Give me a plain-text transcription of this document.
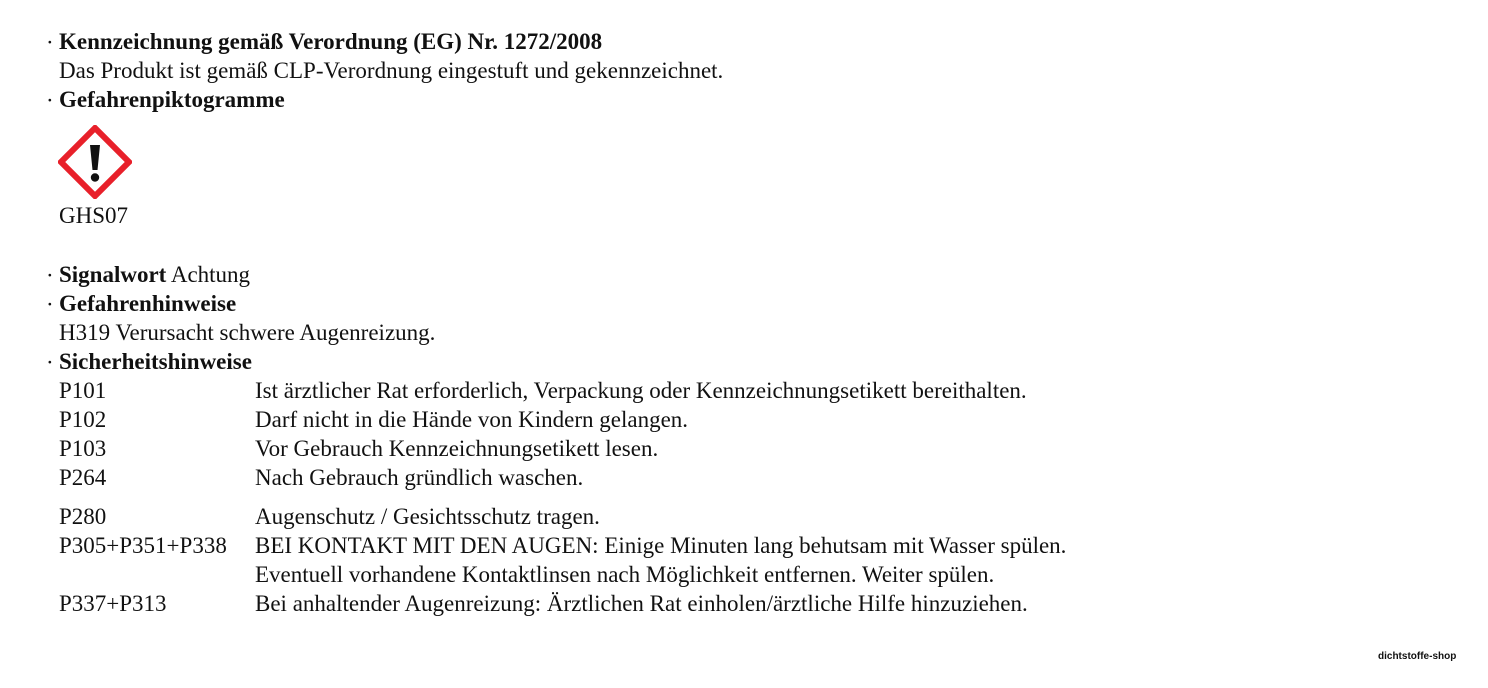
· Kennzeichnung gemäß Verordnung (EG) Nr. 1272/2008
Das Produkt ist gemäß CLP-Verordnung eingestuft und gekennzeichnet.
· Gefahrenpiktogramme
GHS07
· Signalwort Achtung
· Gefahrenhinweise
H319 Verursacht schwere Augenreizung.
· Sicherheitshinweise
P101	Ist ärztlicher Rat erforderlich, Verpackung oder Kennzeichnungsetikett bereithalten.
P102	Darf nicht in die Hände von Kindern gelangen.
P103	Vor Gebrauch Kennzeichnungsetikett lesen.
P264	Nach Gebrauch gründlich waschen.
P280	Augenschutz / Gesichtsschutz tragen.
P305+P351+P338 BEI KONTAKT MIT DEN AUGEN: Einige Minuten lang behutsam mit Wasser spülen.
Eventuell vorhandene Kontaktlinsen nach Möglichkeit entfernen. Weiter spülen.
P337+P313	Bei anhaltender Augenreizung: Ärztlichen Rat einholen/ärztliche Hilfe hinzuziehen.
dichtstoffe-shop
